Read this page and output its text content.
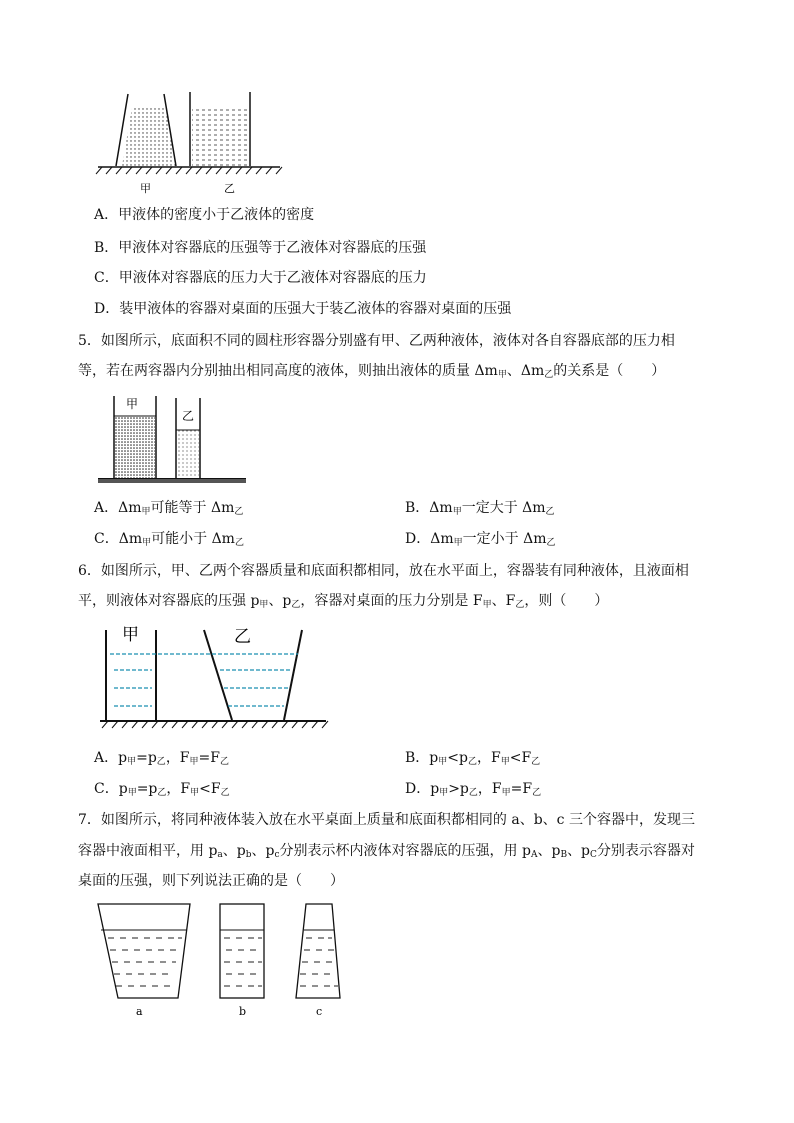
甲	乙
A．甲液体的密度小于乙液体的密度
B．甲液体对容器底的压强等于乙液体对容器底的压强
C．甲液体对容器底的压力大于乙液体对容器底的压力
D．装甲液体的容器对桌面的压强大于装乙液体的容器对桌面的压强
5．如图所示，底面积不同的圆柱形容器分别盛有甲、乙两种液体，液体对各自容器底部的压力相
等，若在两容器内分别抽出相同高度的液体，则抽出液体的质量 $\Delta m_甲$、$\Delta m_乙$的关系是（　　）
甲
乙
A．$\Delta m_甲$可能等于 $\Delta m_乙$	B．$\Delta m_甲$一定大于 $\Delta m_乙$
C．$\Delta m_甲$可能小于 $\Delta m_乙$	D．$\Delta m_甲$一定小于 $\Delta m_乙$
6．如图所示，甲、乙两个容器质量和底面积都相同，放在水平面上，容器装有同种液体，且液面相
平，则液体对容器底的压强 $p_甲$、$p_乙$，容器对桌面的压力分别是 $F_甲$、$F_乙$，则（　　）
甲	乙
A．$p_甲=p_乙$，$F_甲=F_乙$	B．$p_甲<p_乙$，$F_甲<F_乙$
C．$p_甲=p_乙$，$F_甲<F_乙$	D．$p_甲>p_乙$，$F_甲=F_乙$
7．如图所示，将同种液体装入放在水平桌面上质量和底面积都相同的 a、b、c 三个容器中，发现三
容器中液面相平，用 $p_a$、$p_b$、$p_c$分别表示杯内液体对容器底的压强，用 $p_A$、$p_B$、$p_C$分别表示容器对
桌面的压强，则下列说法正确的是（　　）
a	b	c
